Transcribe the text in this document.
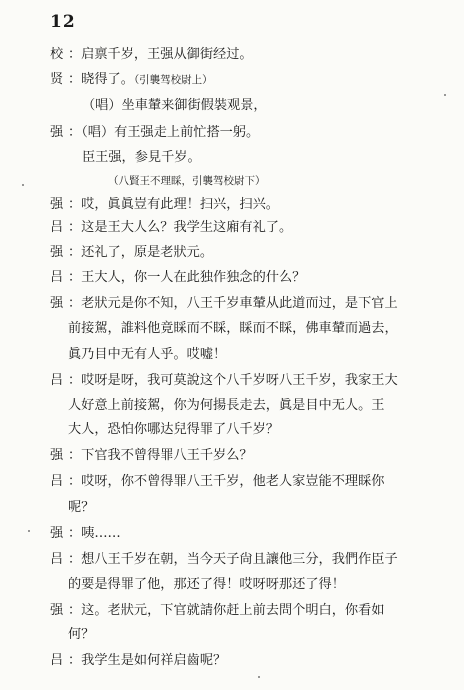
12
校 ：启禀千岁，王强从御街经过。
贤 ：晓得了。（引襲驾校尉上）
（唱）坐車輦来御街假裝观景，
强 ：（唱）有王强走上前忙搭一躬。
臣王强，参見千岁。
（八賢王不理睬，引襲驾校尉下）
强 ：哎，眞眞豈有此理！扫兴，扫兴。
吕 ：这是王大人么？我学生这廂有礼了。
强 ：还礼了，原是老狀元。
吕 ：王大人，你一人在此独作独念的什么？
强 ：老狀元是你不知，八王千岁車輦从此道而过，是下官上
前接駕，誰料他竟睬而不睬，睬而不睬，佛車輦而過去，
眞乃目中无有人乎。哎嘘！
吕 ：哎呀是呀，我可莫說这个八千岁呀八王千岁，我家王大
人好意上前接駕，你为何揚長走去，眞是目中无人。王
大人，恐怕你哪达兒得罪了八千岁？
强 ：下官我不曾得罪八王千岁么？
吕 ：哎呀，你不曾得罪八王千岁，他老人家豈能不理睬你
呢？
强 ：咦……
吕 ：想八王千岁在朝，当今天子尙且讓他三分，我們作臣子
的要是得罪了他，那还了得！哎呀呀那还了得！
强 ：这。老狀元，下官就請你赶上前去問个明白，你看如
何？
吕 ：我学生是如何祥启齒呢？
